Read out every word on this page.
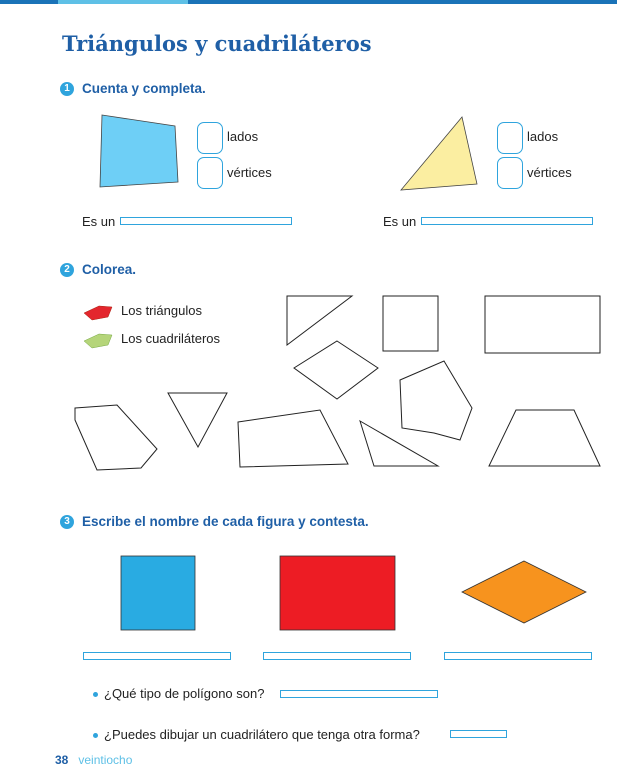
Triángulos y cuadriláteros
1 Cuenta y completa.
lados
vértices
lados
vértices
Es un	Es un
2 Colorea.
Los triángulos
Los cuadriláteros
3 Escribe el nombre de cada figura y contesta.
¿Qué tipo de polígono son?
¿Puedes dibujar un cuadrilátero que tenga otra forma?
38 veintiocho
